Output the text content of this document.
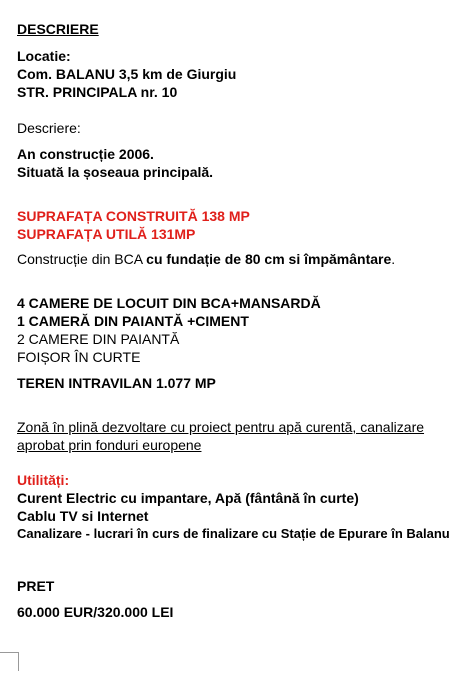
DESCRIERE
Locatie:
Com. BALANU 3,5 km de Giurgiu
STR. PRINCIPALA nr. 10
Descriere:
An construcție 2006.
Situată la șoseaua principală.
SUPRAFAȚA CONSTRUITĂ 138 MP
SUPRAFAȚA UTILĂ 131MP
Construcție din BCA cu fundație de 80 cm si împământare.
4 CAMERE DE LOCUIT DIN BCA+MANSARDĂ
1 CAMERĂ DIN PAIANTĂ +CIMENT
2 CAMERE DIN PAIANTĂ
FOIȘOR ÎN CURTE
TEREN INTRAVILAN 1.077 MP
Zonă în plină dezvoltare cu proiect pentru apă curentă, canalizare
aprobat prin fonduri europene
Utilități:
Curent Electric cu impantare, Apă (fântână în curte)
Cablu TV si Internet
Canalizare - lucrari în curs de finalizare cu Stație de Epurare în Balanu
PRET
60.000 EUR/320.000 LEI
